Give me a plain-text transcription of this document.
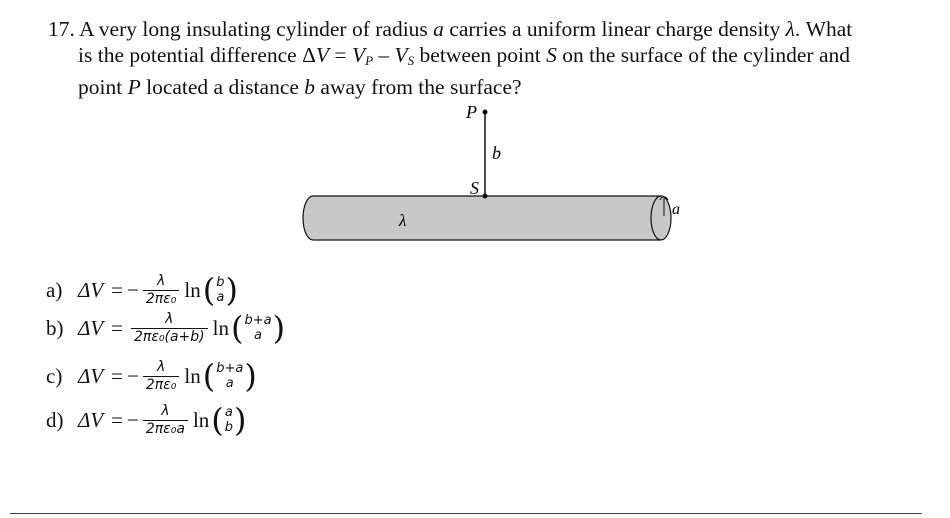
17. A very long insulating cylinder of radius a carries a uniform linear charge density λ. What
is the potential difference $\Delta V = V_P - V_S$ between point S on the surface of the cylinder and
point P located a distance b away from the surface?
a
P
S
b
λ
a) ΔV = − $\frac{\lambda}{\text{2πε₀}}$ ln ( b
a )
b) $\Delta V = \frac{\lambda}{\text{2πε₀(a+b)}}$ ln ( b+a
a )
c) ΔV = − $\frac{\lambda}{\text{2πε₀}}$ ln ( b+a
a )
d) ΔV = − $\frac{\lambda}{\text{2πε₀a}}$ ln ( a
b )
